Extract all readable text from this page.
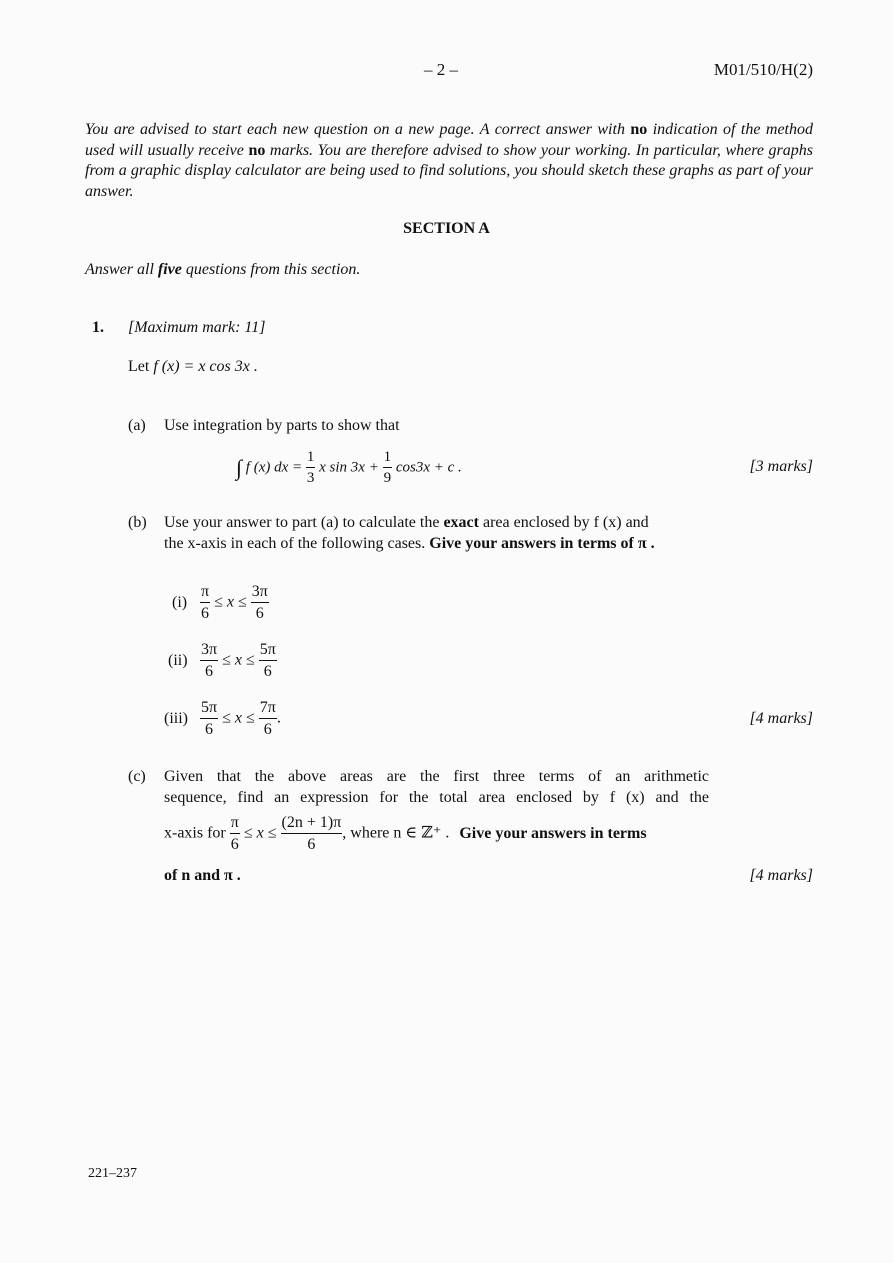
– 2 –	M01/510/H(2)
You are advised to start each new question on a new page. A correct answer with no indication of the method used will usually receive no marks. You are therefore advised to show your working. In particular, where graphs from a graphic display calculator are being used to find solutions, you should sketch these graphs as part of your answer.
SECTION A
Answer all five questions from this section.
1. [Maximum mark: 11]
Let f (x) = x cos 3x .
(a) Use integration by parts to show that
∫ f (x) dx = $\frac{1}{3}$ x $\sin 3x + \frac{1}{9} \cos 3x + c$ .	[3 marks]
(b) Use your answer to part (a) to calculate the exact area enclosed by f (x) and
the x-axis in each of the following cases. Give your answers in terms of π .
$(i) \frac{\pi}{6} \le x \le \frac{3\pi}{6}$
$(ii) \frac{3\pi}{6} \le x \le \frac{5\pi}{6}$
$(iii) \frac{5\pi}{6} \le x \le \frac{7\pi}{6}$ .	[4 marks]
(c) Given that the above areas are the first three terms of an arithmetic
sequence, find an expression for the total area enclosed by f (x) and the
x-axis for $\frac{\pi}{6} \le x \le \frac{(2n + 1)\pi}{6}$ , where n ∈ ℤ⁺ . Give your answers in terms
of n and π .	[4 marks]
221–237
